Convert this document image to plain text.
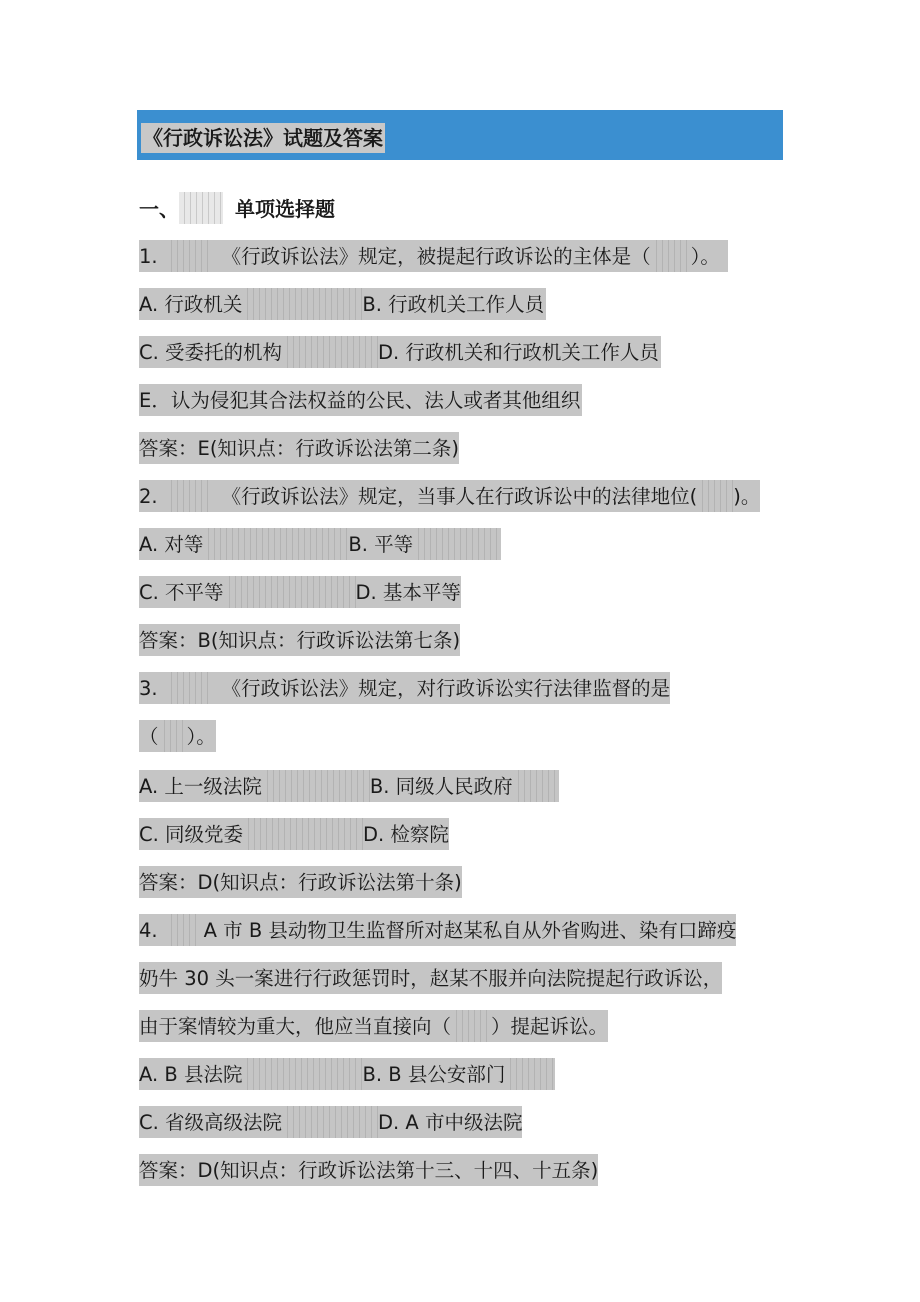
《行政诉讼法》试题及答案
一、	单项选择题
1.	《行政诉讼法》规定，被提起行政诉讼的主体是（ ）。
A. 行政机关	B. 行政机关工作人员
C. 受委托的机构	D. 行政机关和行政机关工作人员
E．认为侵犯其合法权益的公民、法人或者其他组织
答案：E(知识点：行政诉讼法第二条)
2.	《行政诉讼法》规定，当事人在行政诉讼中的法律地位( )。
A. 对等	B. 平等
C. 不平等	D. 基本平等
答案：B(知识点：行政诉讼法第七条)
3.	《行政诉讼法》规定，对行政诉讼实行法律监督的是
（ ）。
A. 上一级法院	B. 同级人民政府
C. 同级党委	D. 检察院
答案：D(知识点：行政诉讼法第十条)
4. A 市 B 县动物卫生监督所对赵某私自从外省购进、染有口蹄疫
奶牛 30 头一案进行行政惩罚时，赵某不服并向法院提起行政诉讼，
由于案情较为重大，他应当直接向（ ）提起诉讼。
A. B 县法院	B. B 县公安部门
C. 省级高级法院	D. A 市中级法院
答案：D(知识点：行政诉讼法第十三、十四、十五条)
